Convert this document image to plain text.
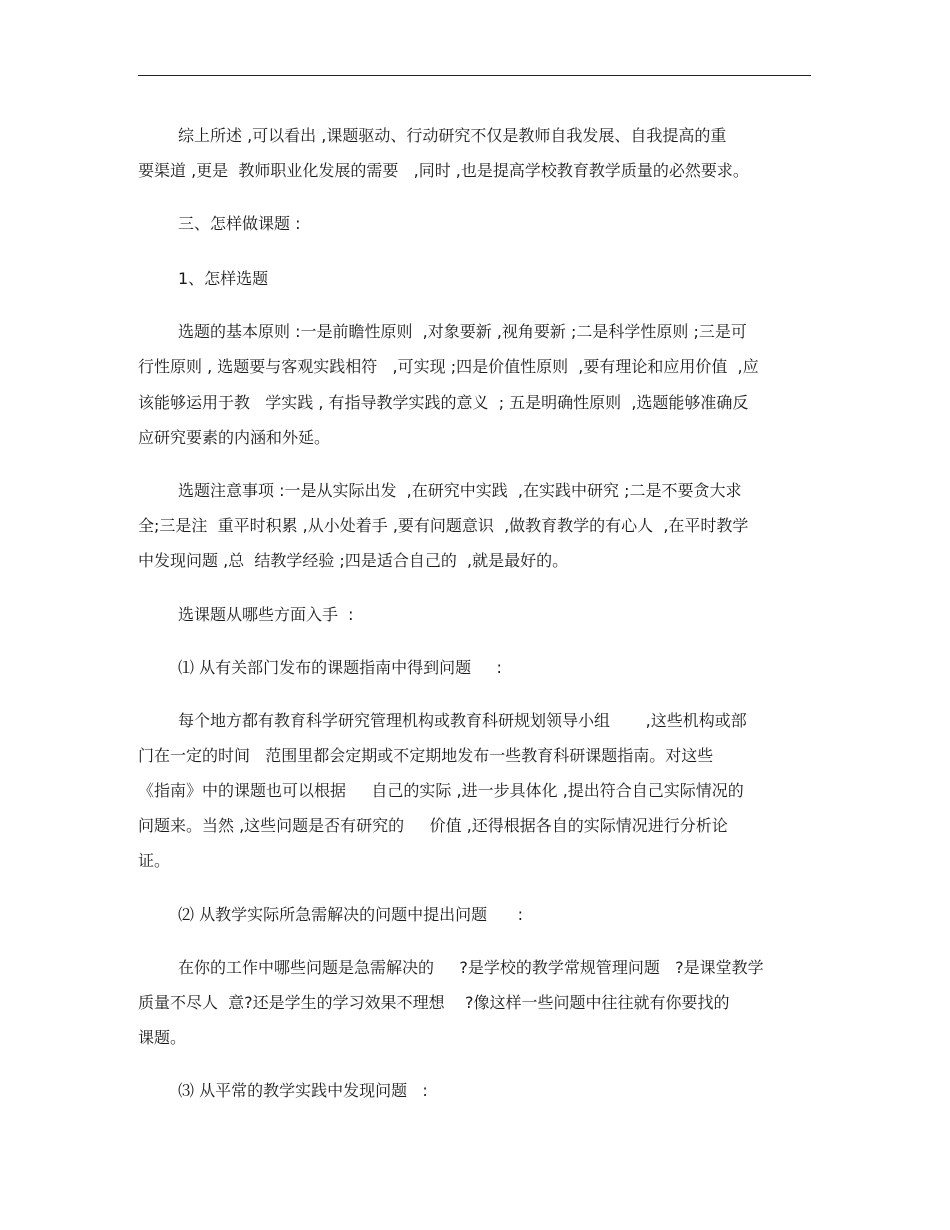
综上所述 ,可以看出 ,课题驱动、行动研究不仅是教师自我发展、自我提高的重
要渠道 ,更是  教师职业化发展的需要   ,同时 ,也是提高学校教育教学质量的必然要求。
三、怎样做课题 :
1、怎样选题
选题的基本原则 :一是前瞻性原则  ,对象要新 ,视角要新 ;二是科学性原则 ;三是可
行性原则 , 选题要与客观实践相符   ,可实现 ;四是价值性原则  ,要有理论和应用价值  ,应
该能够运用于教   学实践 , 有指导教学实践的意义  ; 五是明确性原则  ,选题能够准确反
应研究要素的内涵和外延。
选题注意事项 :一是从实际出发  ,在研究中实践  ,在实践中研究 ;二是不要贪大求
全;三是注  重平时积累 ,从小处着手 ,要有问题意识  ,做教育教学的有心人  ,在平时教学
中发现问题 ,总  结教学经验 ;四是适合自己的  ,就是最好的。
选课题从哪些方面入手  :
⑴ 从有关部门发布的课题指南中得到问题     :
每个地方都有教育科学研究管理机构或教育科研规划领导小组       ,这些机构或部
门在一定的时间   范围里都会定期或不定期地发布一些教育科研课题指南。对这些
《指南》中的课题也可以根据     自己的实际 ,进一步具体化 ,提出符合自己实际情况的
问题来。当然 ,这些问题是否有研究的     价值 ,还得根据各自的实际情况进行分析论
证。
⑵ 从教学实际所急需解决的问题中提出问题      :
在你的工作中哪些问题是急需解决的     ?是学校的教学常规管理问题   ?是课堂教学
质量不尽人  意?还是学生的学习效果不理想    ?像这样一些问题中往往就有你要找的
课题。
⑶ 从平常的教学实践中发现问题   :
